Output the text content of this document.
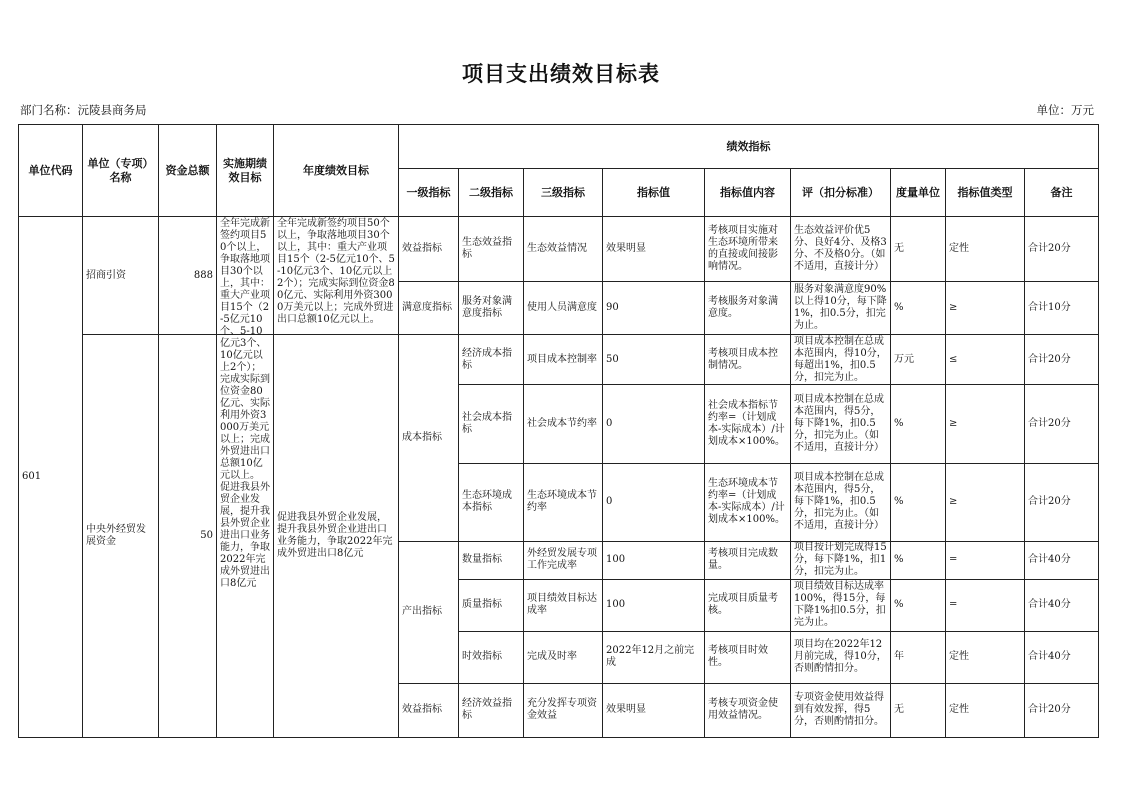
项目支出绩效目标表
部门名称：沅陵县商务局	单位：万元
单位代码	单位（专项）名称	资金总额	实施期绩效目标	年度绩效目标	绩效指标								
					一级指标	二级指标	三级指标	指标值	指标值内容	评（扣分标准）	度量单位	指标值类型	备注
601	招商引资	888	全年完成新签约项目50个以上，争取落地项目30个以上，其中：重大产业项目15个（2-5亿元10个、5-10亿元3个、10亿元以上2个）；完成实际到位资金80亿元、实际利用外资3000万美元以上；完成外贸进出口总额10亿元以上。	全年完成新签约项目50个以上，争取落地项目30个以上，其中：重大产业项目15个（2-5亿元10个、5-10亿元3个、10亿元以上2个）；完成实际到位资金80亿元、实际利用外资3000万美元以上；完成外贸进出口总额10亿元以上。	效益指标	生态效益指标	生态效益情况	效果明显	考核项目实施对生态环境所带来的直接或间接影响情况。	生态效益评价优5分、良好4分、及格3分、不及格0分。（如不适用，直接计分）	无	定性	合计20分
					满意度指标	服务对象满意度指标	使用人员满意度	90	考核服务对象满意度。	服务对象满意度90%以上得10分，每下降1%，扣0.5分，扣完为止。	%	≥	合计10分
	中央外经贸发展资金	50	促进我县外贸企业发展，提升我县外贸企业进出口业务能力，争取2022年完成外贸进出口8亿元	促进我县外贸企业发展，提升我县外贸企业进出口业务能力，争取2022年完成外贸进出口8亿元	成本指标	经济成本指标	项目成本控制率	50	考核项目成本控制情况。	项目成本控制在总成本范围内，得10分，每超出1%，扣0.5分，扣完为止。	万元	≤	合计20分
						社会成本指标	社会成本节约率	0	社会成本指标节约率=（计划成本-实际成本）/计划成本×100%。	项目成本控制在总成本范围内，得5分，每下降1%，扣0.5分，扣完为止。（如不适用，直接计分）	%	≥	合计20分
						生态环境成本指标	生态环境成本节约率	0	生态环境成本节约率=（计划成本-实际成本）/计划成本×100%。	项目成本控制在总成本范围内，得5分，每下降1%，扣0.5分，扣完为止。（如不适用，直接计分）	%	≥	合计20分
					产出指标	数量指标	外经贸发展专项工作完成率	100	考核项目完成数量。	项目按计划完成得15分，每下降1%，扣1分，扣完为止。	%	=	合计40分
						质量指标	项目绩效目标达成率	100	完成项目质量考核。	项目绩效目标达成率100%，得15分，每下降1%扣0.5分，扣完为止。	%	=	合计40分
						时效指标	完成及时率	2022年12月之前完成	考核项目时效性。	项目均在2022年12月前完成，得10分，否则酌情扣分。	年	定性	合计40分
					效益指标	经济效益指标	充分发挥专项资金效益	效果明显	考核专项资金使用效益情况。	专项资金使用效益得到有效发挥，得5分，否则酌情扣分。	无	定性	合计20分
